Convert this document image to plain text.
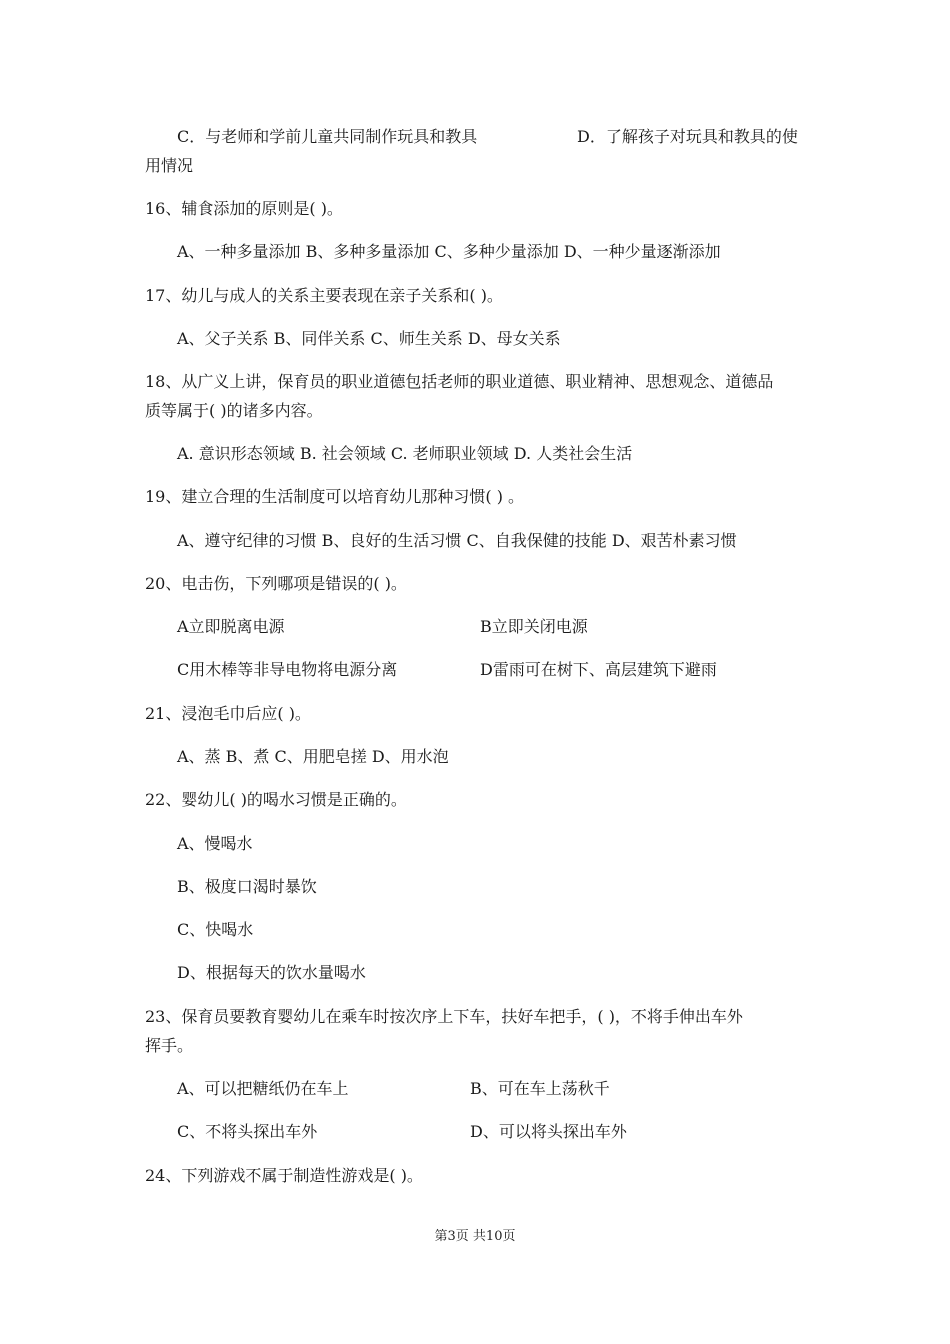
C．与老师和学前儿童共同制作玩具和教具	D．了解孩子对玩具和教具的使
用情况
16、辅食添加的原则是( )。
A、一种多量添加 B、多种多量添加 C、多种少量添加 D、一种少量逐渐添加
17、幼儿与成人的关系主要表现在亲子关系和( )。
A、父子关系 B、同伴关系 C、师生关系 D、母女关系
18、从广义上讲，保育员的职业道德包括老师的职业道德、职业精神、思想观念、道德品
质等属于( )的诸多内容。
A. 意识形态领域 B. 社会领域 C. 老师职业领域 D. 人类社会生活
19、建立合理的生活制度可以培育幼儿那种习惯( ) 。
A、遵守纪律的习惯 B、良好的生活习惯 C、自我保健的技能 D、艰苦朴素习惯
20、电击伤，下列哪项是错误的( )。
A立即脱离电源	B立即关闭电源
C用木棒等非导电物将电源分离	D雷雨可在树下、高层建筑下避雨
21、浸泡毛巾后应( )。
A、蒸 B、煮 C、用肥皂搓 D、用水泡
22、婴幼儿( )的喝水习惯是正确的。
A、慢喝水
B、极度口渴时暴饮
C、快喝水
D、根据每天的饮水量喝水
23、保育员要教育婴幼儿在乘车时按次序上下车，扶好车把手，( )，不将手伸出车外
挥手。
A、可以把糖纸仍在车上	B、可在车上荡秋千
C、不将头探出车外	D、可以将头探出车外
24、下列游戏不属于制造性游戏是( )。
第3页 共10页
